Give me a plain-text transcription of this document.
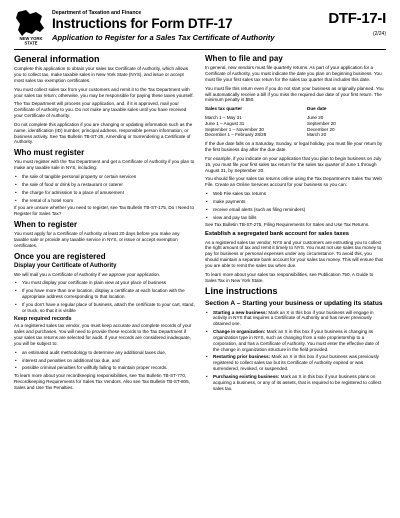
NEW YORK
STATE
Department of Taxation and Finance
Instructions for Form DTF-17
Application to Register for a Sales Tax Certificate of Authority
DTF-17-I
(2/24)
General information
Complete this application to obtain your sales tax Certificate of Authority, which allows you to collect tax, make taxable sales in New York State (NYS), and issue or accept most sales tax exemption certificates.
You must collect sales tax from your customers and remit it to the Tax Department with your sales tax return; otherwise, you may be responsible for paying these taxes yourself.
The Tax Department will process your application, and, if it is approved, mail your Certificate of Authority to you. Do not make any taxable sales until you have received your Certificate of Authority.
Do not complete this application if you are changing or updating information such as the name, identification (ID) number, principal address, responsible person information, or business activity. See Tax Bulletin TB-ST-25, Amending or Surrendering a Certificate of Authority.
Who must register
You must register with the Tax Department and get a Certificate of Authority if you plan to make any taxable sale in NYS, including:
• the sale of tangible personal property or certain services
• the sale of food or drink by a restaurant or caterer
• the charge for admission to a place of amusement
• the rental of a hotel room
If you are unsure whether you need to register, see Tax Bulletin TB-ST-175, Do I Need to Register for Sales Tax?
When to register
You must apply for a Certificate of Authority at least 20 days before you make any taxable sale or provide any taxable service in NYS, or issue or accept exemption certificates.
Once you are registered
Display your Certificate of Authority
We will mail you a Certificate of Authority if we approve your application.
• You must display your certificate in plain view at your place of business
• If you have more than one location, display a certificate at each location with the appropriate address corresponding to that location.
• If you don't have a regular place of business, attach the certificate to your cart, stand, or truck, so that it is visible
Keep required records
As a registered sales tax vendor, you must keep accurate and complete records of your sales and purchases. You will need to provide these records to the Tax Department if your sales tax returns are selected for audit. If your records are considered inadequate, you will be subject to:
• an estimated audit methodology to determine any additional taxes due,
• interest and penalties on additional tax due, and
• possible criminal penalties for willfully failing to maintain proper records.
To learn more about your recordkeeping responsibilities, see Tax Bulletin TB-ST-770, Recordkeeping Requirements for Sales Tax Vendors. Also see Tax Bulletin TB-ST-805, Sales and Use Tax Penalties.
When to file and pay
In general, new vendors must file quarterly returns. As part of your application for a Certificate of Authority, you must indicate the date you plan on beginning business. You must file your first sales tax return for the sales tax quarter that includes this date.
You must file this return even if you do not start your business as originally planned. You will automatically receive a bill if you miss the required due date of your first return. The minimum penalty is $50.
Sales tax quarter	Due date
March 1 – May 31	June 20
June 1 – August 31	September 20
September 1 – November 30	December 20
December 1 – February 28/29	March 20
If the due date falls on a Saturday, Sunday, or legal holiday, you must file your return by the first business day after the due date.
For example, if you indicate on your application that you plan to begin business on July 15, you must file your first sales tax return for the sales tax quarter of June 1 through August 31, by September 20.
You should file your sales tax returns online using the Tax Department's Sales Tax Web File. Create an Online Services account for your business so you can:
• Web File sales tax returns
• make payments
• receive email alerts (such as filing reminders)
• view and pay tax bills
See Tax Bulletin TB-ST-275, Filing Requirements for Sales and Use Tax Returns.
Establish a segregated bank account for sales taxes
As a registered sales tax vendor, NYS and your customers are entrusting you to collect the right amount of tax and remit it timely to NYS. You must not use sales tax money to pay for business or personal expenses under any circumstance. To avoid this, you should maintain a separate bank account for your sales tax money. This will ensure that you are able to remit the sales tax when due.
To learn more about your sales tax responsibilities, see Publication 750, A Guide to Sales Tax in New York State.
Line instructions
Section A – Starting your business or updating its status
• Starting a new business: Mark an X in this box if your business will engage in activity in NYS that requires a Certificate of Authority and has never previously obtained one.
• Change in organization: Mark an X in this box if your business is changing its organization type in NYS, such as changing from a sole proprietorship to a corporation, and has a Certificate of Authority. You must enter the effective date of the change in organization structure in the field provided.
• Restarting prior business: Mark an X in this box if your business was previously registered to collect sales tax but its Certificate of Authority expired or was surrendered, revoked, or suspended.
• Purchasing existing business: Mark an X in this box if your business plans on acquiring a business, or any of its assets, that is required to be registered to collect sales tax.
